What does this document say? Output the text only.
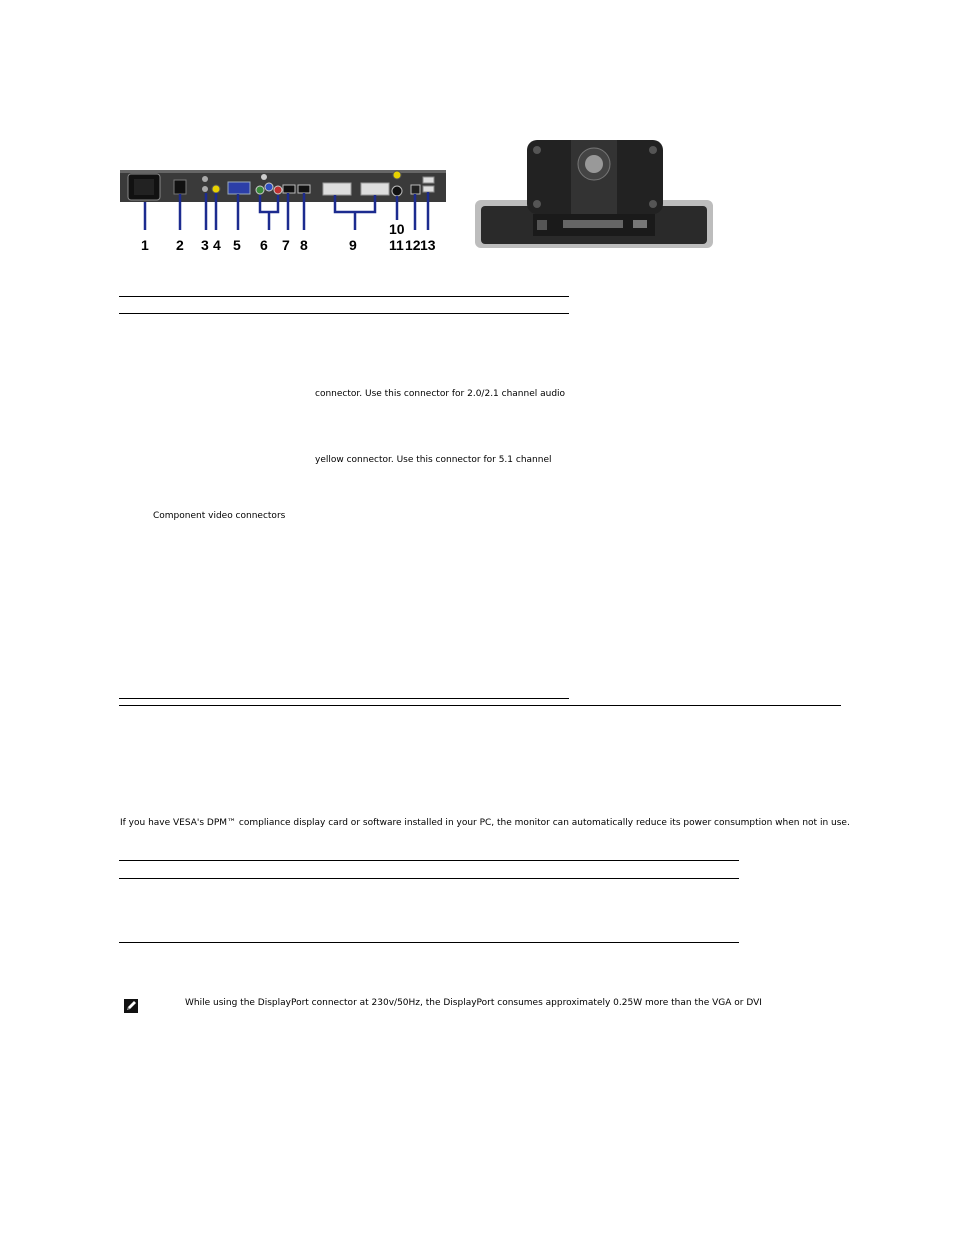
1 2 3 4 5 6 7 8	9
10
11 12 13
connector. Use this connector for 2.0/2.1 channel audio
yellow connector. Use this connector for 5.1 channel
Component video connectors
If you have VESA's DPM™ compliance display card or software installed in your PC, the monitor can automatically reduce its power consumption when not in use.
While using the DisplayPort connector at 230v/50Hz, the DisplayPort consumes approximately 0.25W more than the VGA or DVI
